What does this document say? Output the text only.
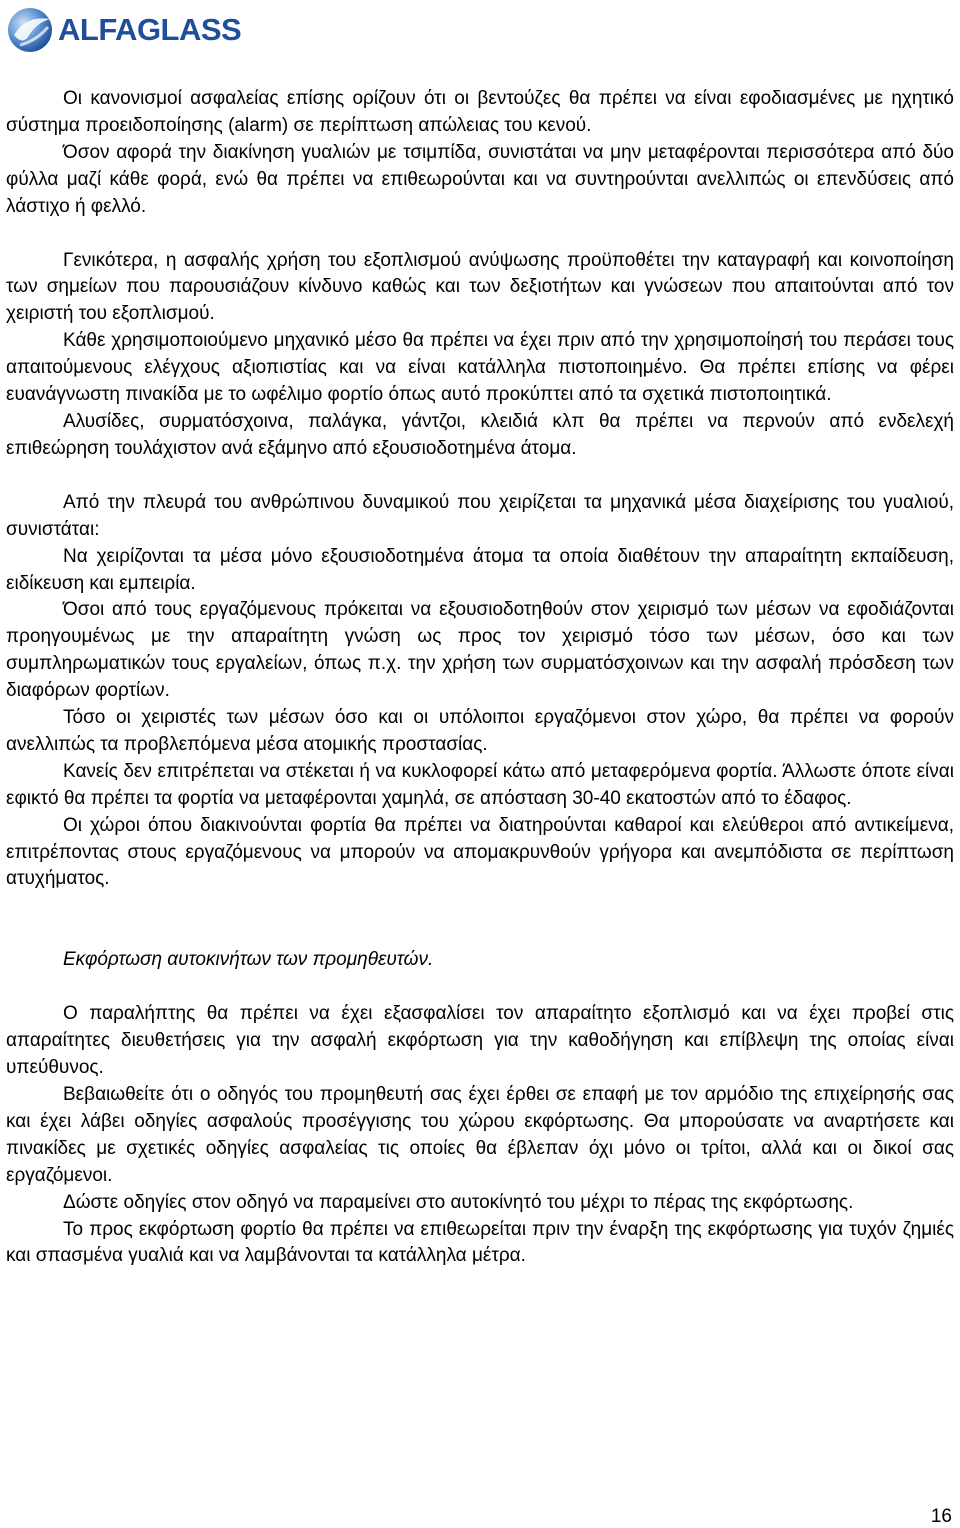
ALFAGLASS

Οι κανονισμοί ασφαλείας επίσης ορίζουν ότι οι βεντούζες θα πρέπει να είναι εφοδιασμένες με ηχητικό σύστημα προειδοποίησης (alarm) σε περίπτωση απώλειας του κενού.

Όσον αφορά την διακίνηση γυαλιών με τσιμπίδα, συνιστάται να μην μεταφέρονται περισσότερα από δύο φύλλα μαζί κάθε φορά, ενώ θα πρέπει να επιθεωρούνται και να συντηρούνται ανελλιπώς οι επενδύσεις από λάστιχο ή φελλό.

Γενικότερα, η ασφαλής χρήση του εξοπλισμού ανύψωσης προϋποθέτει την καταγραφή και κοινοποίηση των σημείων που παρουσιάζουν κίνδυνο καθώς και των δεξιοτήτων και γνώσεων που απαιτούνται από τον χειριστή του εξοπλισμού.

Κάθε χρησιμοποιούμενο μηχανικό μέσο θα πρέπει να έχει πριν από την χρησιμοποίησή του περάσει τους απαιτούμενους ελέγχους αξιοπιστίας και να είναι κατάλληλα πιστοποιημένο. Θα πρέπει επίσης να φέρει ευανάγνωστη πινακίδα με το ωφέλιμο φορτίο όπως αυτό προκύπτει από τα σχετικά πιστοποιητικά.

Αλυσίδες, συρματόσχοινα, παλάγκα, γάντζοι, κλειδιά κλπ θα πρέπει να περνούν από ενδελεχή επιθεώρηση τουλάχιστον ανά εξάμηνο από εξουσιοδοτημένα άτομα.

Από την πλευρά του ανθρώπινου δυναμικού που χειρίζεται τα μηχανικά μέσα διαχείρισης του γυαλιού, συνιστάται:

Να χειρίζονται τα μέσα μόνο εξουσιοδοτημένα άτομα τα οποία διαθέτουν την απαραίτητη εκπαίδευση, ειδίκευση και εμπειρία.

Όσοι από τους εργαζόμενους πρόκειται να εξουσιοδοτηθούν στον χειρισμό των μέσων να εφοδιάζονται προηγουμένως με την απαραίτητη γνώση ως προς τον χειρισμό τόσο των μέσων, όσο και των συμπληρωματικών τους εργαλείων, όπως π.χ. την χρήση των συρματόσχοινων και την ασφαλή πρόσδεση των διαφόρων φορτίων.

Τόσο οι χειριστές των μέσων όσο και οι υπόλοιποι εργαζόμενοι στον χώρο, θα πρέπει να φορούν ανελλιπώς τα προβλεπόμενα μέσα ατομικής προστασίας.

Κανείς δεν επιτρέπεται να στέκεται ή να κυκλοφορεί κάτω από μεταφερόμενα φορτία. Άλλωστε όποτε είναι εφικτό θα πρέπει τα φορτία να μεταφέρονται χαμηλά, σε απόσταση 30-40 εκατοστών από το έδαφος.

Οι χώροι όπου διακινούνται φορτία θα πρέπει να διατηρούνται καθαροί και ελεύθεροι από αντικείμενα, επιτρέποντας στους εργαζόμενους να μπορούν να απομακρυνθούν γρήγορα και ανεμπόδιστα σε περίπτωση ατυχήματος.

Εκφόρτωση αυτοκινήτων των προμηθευτών.

Ο παραλήπτης θα πρέπει να έχει εξασφαλίσει τον απαραίτητο εξοπλισμό και να έχει προβεί στις απαραίτητες διευθετήσεις για την ασφαλή εκφόρτωση για την καθοδήγηση και επίβλεψη της οποίας είναι υπεύθυνος.

Βεβαιωθείτε ότι ο οδηγός του προμηθευτή σας έχει έρθει σε επαφή με τον αρμόδιο της επιχείρησής σας και έχει λάβει οδηγίες ασφαλούς προσέγγισης του χώρου εκφόρτωσης. Θα μπορούσατε να αναρτήσετε και πινακίδες με σχετικές οδηγίες ασφαλείας τις οποίες θα έβλεπαν όχι μόνο οι τρίτοι, αλλά και οι δικοί σας εργαζόμενοι.

Δώστε οδηγίες στον οδηγό να παραμείνει στο αυτοκίνητό του μέχρι το πέρας της εκφόρτωσης.

Το προς εκφόρτωση φορτίο θα πρέπει να επιθεωρείται πριν την έναρξη της εκφόρτωσης για τυχόν ζημιές και σπασμένα γυαλιά και να λαμβάνονται τα κατάλληλα μέτρα.

16
